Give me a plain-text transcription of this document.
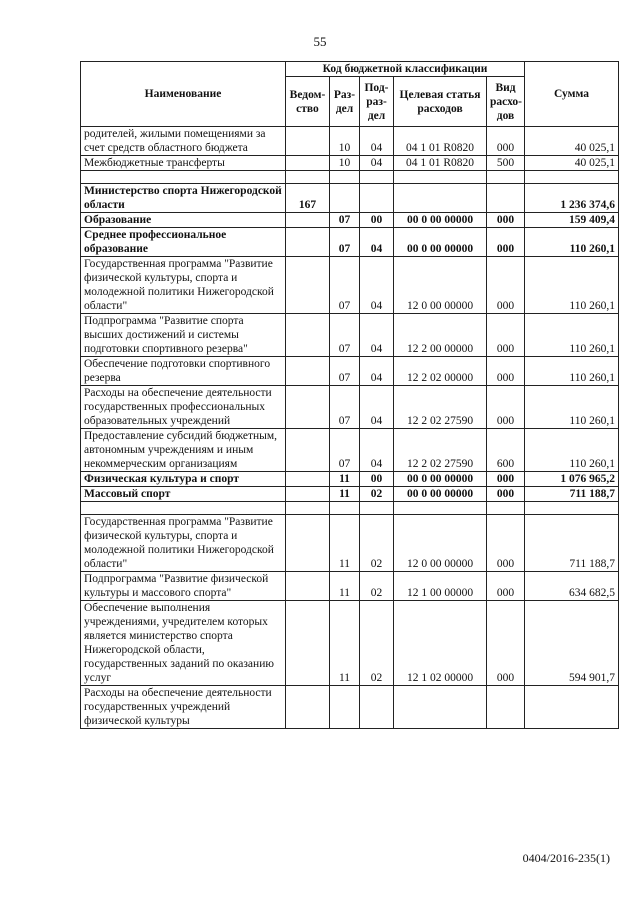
55
Наименование	Код бюджетной классификации					Сумма
	Ведом-ство	Раз-дел	Под-раз-дел	Целевая статья расходов	Вид расхо-дов	
родителей, жилыми помещениями за счет средств областного бюджета		10	04	04 1 01 R0820	000	40 025,1
Межбюджетные трансферты		10	04	04 1 01 R0820	500	40 025,1

Министерство спорта Нижегородской области	167					1 236 374,6
Образование		07	00	00 0 00 00000	000	159 409,4
Среднее профессиональное образование		07	04	00 0 00 00000	000	110 260,1
Государственная программа "Развитие физической культуры, спорта и молодежной политики Нижегородской области"		07	04	12 0 00 00000	000	110 260,1
Подпрограмма "Развитие спорта высших достижений и системы подготовки спортивного резерва"		07	04	12 2 00 00000	000	110 260,1
Обеспечение подготовки спортивного резерва		07	04	12 2 02 00000	000	110 260,1
Расходы на обеспечение деятельности государственных профессиональных образовательных учреждений		07	04	12 2 02 27590	000	110 260,1
Предоставление субсидий бюджетным, автономным учреждениям и иным некоммерческим организациям		07	04	12 2 02 27590	600	110 260,1
Физическая культура и спорт		11	00	00 0 00 00000	000	1 076 965,2
Массовый спорт		11	02	00 0 00 00000	000	711 188,7

Государственная программа "Развитие физической культуры, спорта и молодежной политики Нижегородской области"		11	02	12 0 00 00000	000	711 188,7
Подпрограмма "Развитие физической культуры и массового спорта"		11	02	12 1 00 00000	000	634 682,5
Обеспечение выполнения учреждениями, учредителем которых является министерство спорта Нижегородской области, государственных заданий по оказанию услуг		11	02	12 1 02 00000	000	594 901,7
Расходы на обеспечение деятельности государственных учреждений физической культуры						
0404/2016-235(1)
